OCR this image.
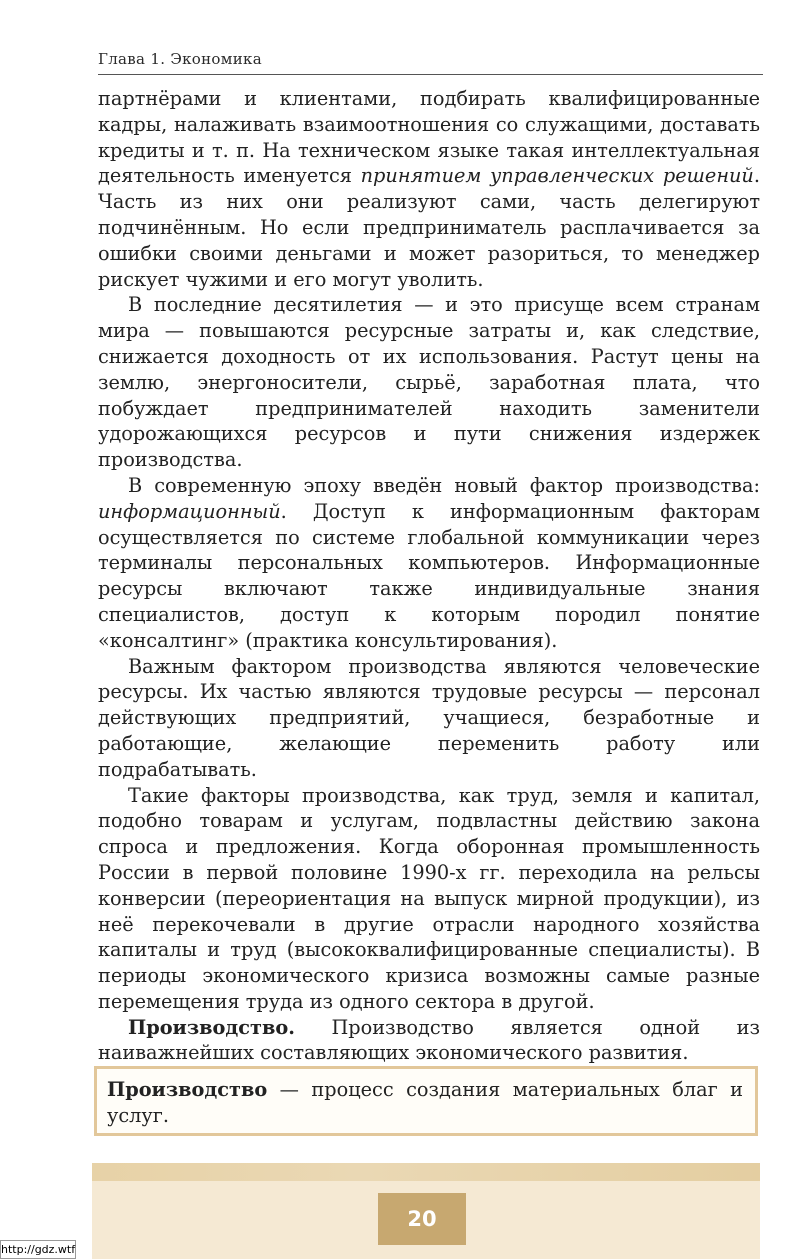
Глава 1. Экономика

партнёрами и клиентами, подбирать квалифицированные кадры, налаживать взаимоотношения со служащими, доставать кредиты и т. п. На техническом языке такая интеллектуальная деятельность именуется принятием управленческих решений. Часть из них они реализуют сами, часть делегируют подчинённым. Но если предприниматель расплачивается за ошибки своими деньгами и может разориться, то менеджер рискует чужими и его могут уволить.

В последние десятилетия — и это присуще всем странам мира — повышаются ресурсные затраты и, как следствие, снижается доходность от их использования. Растут цены на землю, энергоносители, сырьё, заработная плата, что побуждает предпринимателей находить заменители удорожающихся ресурсов и пути снижения издержек производства.

В современную эпоху введён новый фактор производства: информационный. Доступ к информационным факторам осуществляется по системе глобальной коммуникации через терминалы персональных компьютеров. Информационные ресурсы включают также индивидуальные знания специалистов, доступ к которым породил понятие «консалтинг» (практика консультирования).

Важным фактором производства являются человеческие ресурсы. Их частью являются трудовые ресурсы — персонал действующих предприятий, учащиеся, безработные и работающие, желающие переменить работу или подрабатывать.

Такие факторы производства, как труд, земля и капитал, подобно товарам и услугам, подвластны действию закона спроса и предложения. Когда оборонная промышленность России в первой половине 1990-х гг. переходила на рельсы конверсии (переориентация на выпуск мирной продукции), из неё перекочевали в другие отрасли народного хозяйства капиталы и труд (высококвалифицированные специалисты). В периоды экономического кризиса возможны самые разные перемещения труда из одного сектора в другой.

Производство. Производство является одной из наиважнейших составляющих экономического развития.

Производство — процесс создания материальных благ и услуг.
20
http://gdz.wtf
